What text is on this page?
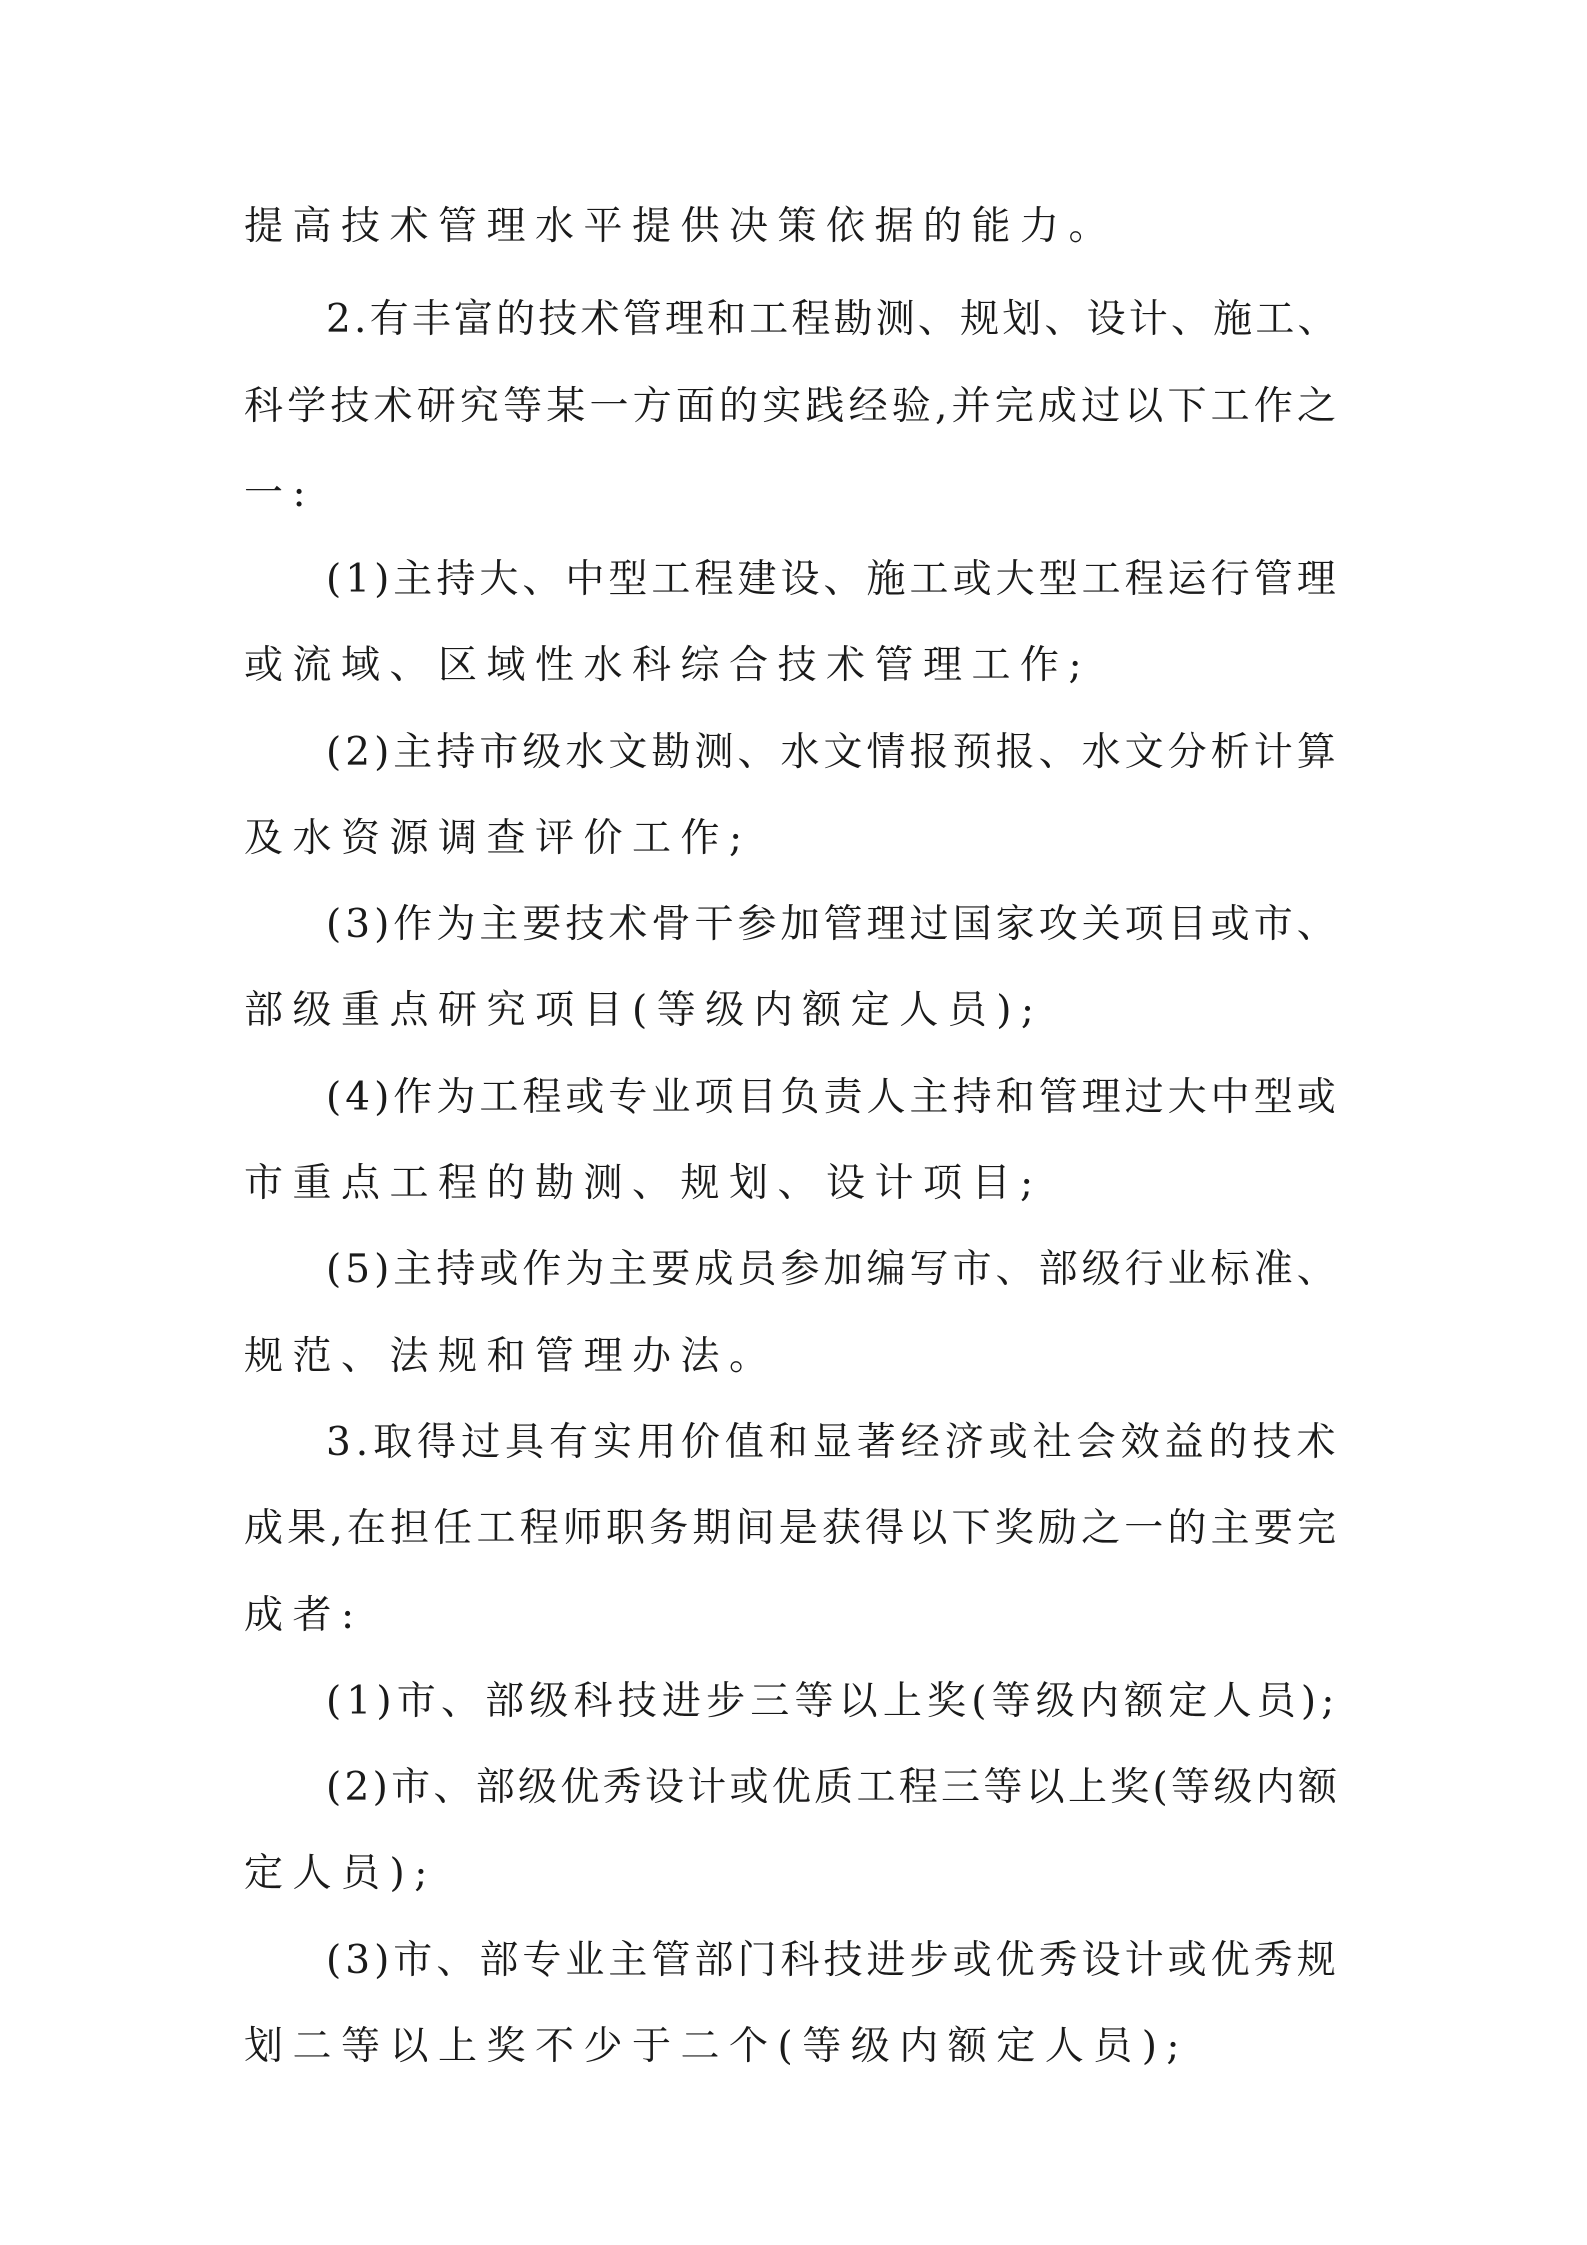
提高技术管理水平提供决策依据的能力。
2.有丰富的技术管理和工程勘测、规划、设计、施工、
科学技术研究等某一方面的实践经验,并完成过以下工作之
一:
(1)主持大、中型工程建设、施工或大型工程运行管理
或流域、区域性水科综合技术管理工作;
(2)主持市级水文勘测、水文情报预报、水文分析计算
及水资源调查评价工作;
(3)作为主要技术骨干参加管理过国家攻关项目或市、
部级重点研究项目(等级内额定人员);
(4)作为工程或专业项目负责人主持和管理过大中型或
市重点工程的勘测、规划、设计项目;
(5)主持或作为主要成员参加编写市、部级行业标准、
规范、法规和管理办法。
3.取得过具有实用价值和显著经济或社会效益的技术
成果,在担任工程师职务期间是获得以下奖励之一的主要完
成者:
(1)市、部级科技进步三等以上奖(等级内额定人员);
(2)市、部级优秀设计或优质工程三等以上奖(等级内额
定人员);
(3)市、部专业主管部门科技进步或优秀设计或优秀规
划二等以上奖不少于二个(等级内额定人员);
